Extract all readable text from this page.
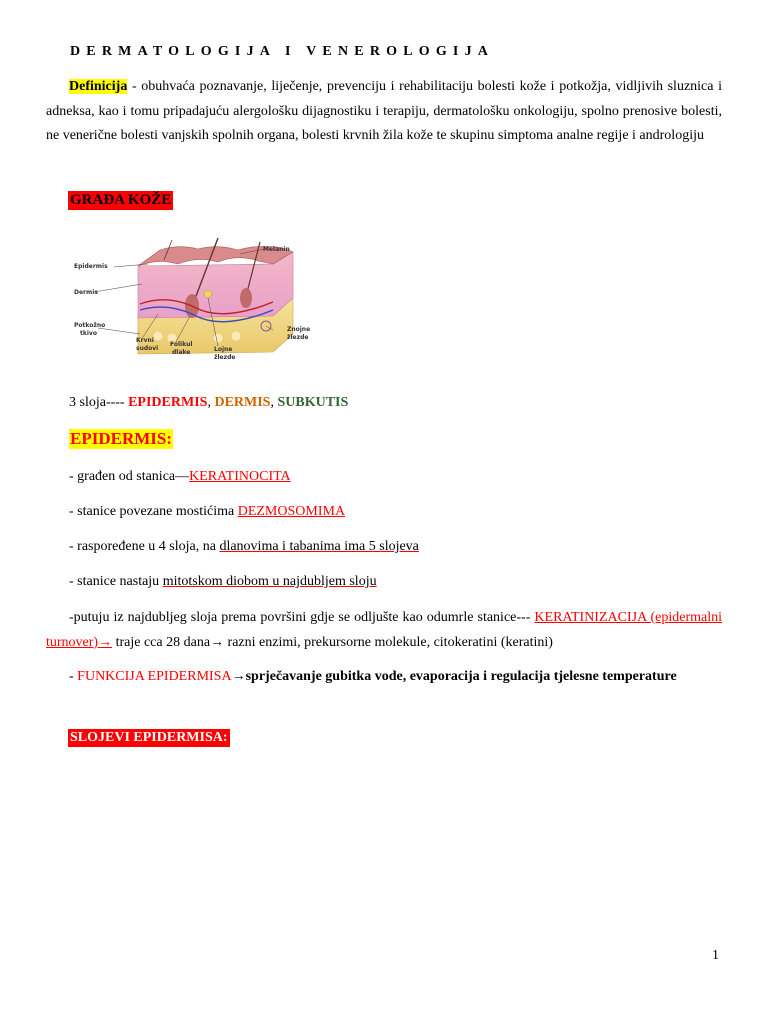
DERMATOLOGIJA I VENEROLOGIJA
Definicija - obuhvaća poznavanje, liječenje, prevenciju i rehabilitaciju bolesti kože i potkožja, vidljivih sluznica i adneksa, kao i tomu pripadajuću alergološku dijagnostiku i terapiju, dermatološku onkologiju, spolno prenosive bolesti, ne venerične bolesti vanjskih spolnih organa, bolesti krvnih žila kože te skupinu simptoma analne regije i andrologiju
GRAĐA KOŽE
Melanin
Epidermis
Dermis
Potkožno
tkivo
Krvni
sudovi
Folikul
dlake	Lojne
žlezde
Znojne
žlezde
3 sloja---- EPIDERMIS, DERMIS, SUBKUTIS
EPIDERMIS:
- građen od stanica—KERATINOCITA
- stanice povezane mostićima DEZMOSOMIMA
- raspoređene u 4 sloja, na dlanovima i tabanima ima 5 slojeva
- stanice nastaju mitotskom diobom u najdubljem sloju
-putuju iz najdubljeg sloja prema površini gdje se odljušte kao odumrle stanice--- KERATINIZACIJA (epidermalni turnover)→ traje cca 28 dana→ razni enzimi, prekursorne molekule, citokeratini (keratini)
- FUNKCIJA EPIDERMISA→sprječavanje gubitka vode, evaporacija i regulacija tjelesne temperature
SLOJEVI EPIDERMISA:
1
